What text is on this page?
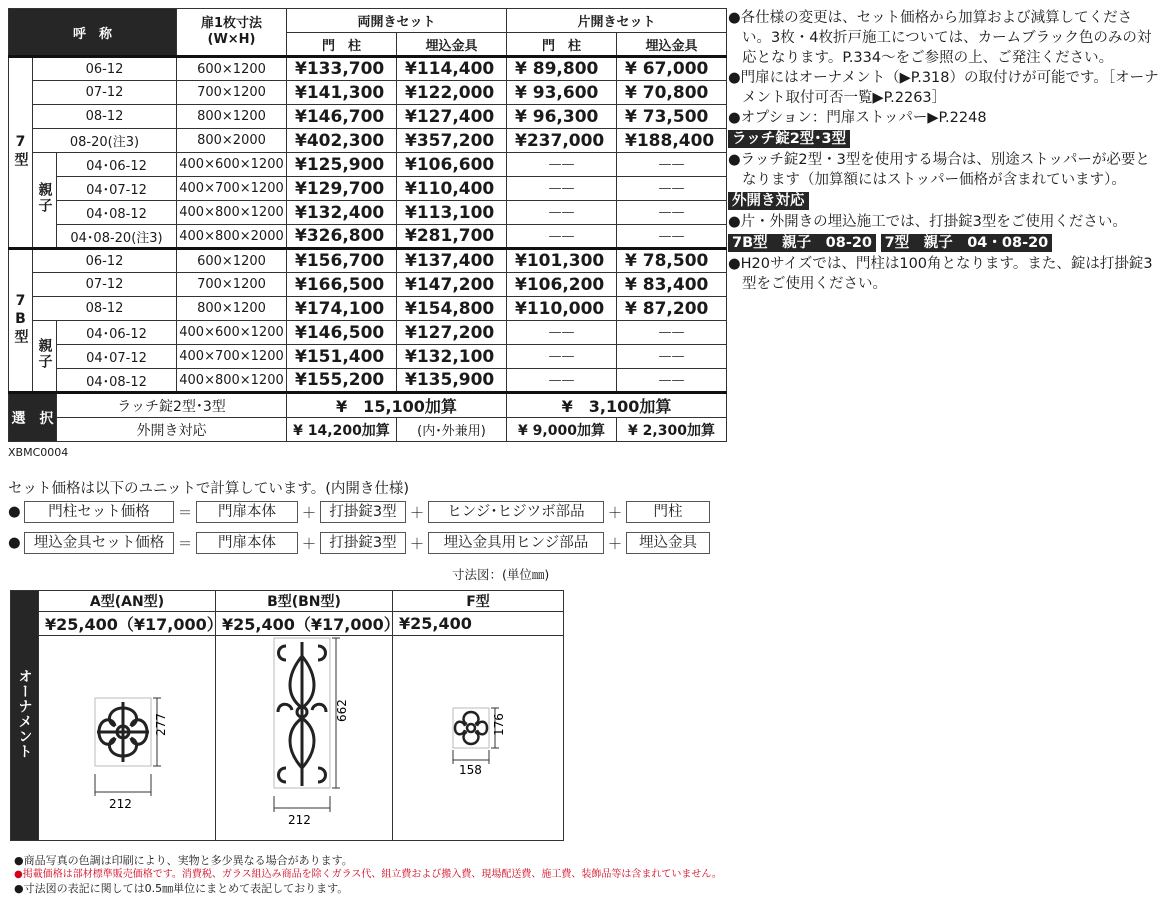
呼　称			扉1枚寸法
(W×H)	両開きセット		片開きセット	
				門　柱	埋込金具	門　柱	埋込金具
7型	06-12		600×1200	¥133,700	¥114,400	¥ 89,800	¥ 67,000
	07-12		700×1200	¥141,300	¥122,000	¥ 93,600	¥ 70,800
	08-12		800×1200	¥146,700	¥127,400	¥ 96,300	¥ 73,500
	08-20(注3)		800×2000	¥402,300	¥357,200	¥237,000	¥188,400
	親子	04･06-12	400×600×1200	¥125,900	¥106,600	——	——
		04･07-12	400×700×1200	¥129,700	¥110,400	——	——
		04･08-12	400×800×1200	¥132,400	¥113,100	——	——
		04･08-20(注3)	400×800×2000	¥326,800	¥281,700	——	——
7B型	06-12		600×1200	¥156,700	¥137,400	¥101,300	¥ 78,500
	07-12		700×1200	¥166,500	¥147,200	¥106,200	¥ 83,400
	08-12		800×1200	¥174,100	¥154,800	¥110,000	¥ 87,200
	親子	04･06-12	400×600×1200	¥146,500	¥127,200	——	——
		04･07-12	400×700×1200	¥151,400	¥132,100	——	——
		04･08-12	400×800×1200	¥155,200	¥135,900	——	——
選　択		ラッチ錠2型･3型		¥　15,100加算		¥　3,100加算	
		外開き対応		¥ 14,200加算	(内･外兼用)	¥ 9,000加算	¥ 2,300加算
XBMC0004

●各仕様の変更は、セット価格から加算および減算してください。3枚・4枚折戸施工については、カームブラック色のみの対応となります。P.334〜をご参照の上、ご発注ください。

●門扉にはオーナメント（▶P.318）の取付けが可能です。［オーナメント取付可否一覧▶P.2263］

●オプション：門扉ストッパー▶P.2248

ラッチ錠2型･3型

●ラッチ錠2型・3型を使用する場合は、別途ストッパーが必要となります（加算額にはストッパー価格が含まれています）。

外開き対応

●片・外開きの埋込施工では、打掛錠3型をご使用ください。

7B型　親子　08-20 7型　親子　04・08-20

●H20サイズでは、門柱は100角となります。また、錠は打掛錠3型をご使用ください。

セット価格は以下のユニットで計算しています。(内開き仕様)
●	門柱セット価格	＝	門扉本体	＋ 打掛錠3型 ＋	ヒンジ･ヒジツボ部品	＋	門柱
● 埋込金具セット価格 ＝	門扉本体	＋ 打掛錠3型 ＋	埋込金具用ヒンジ部品	＋	埋込金具
寸法図：(単位㎜)
オーナメント	A型(AN型)	B型(BN型)	F型
	¥25,400（¥17,000）	¥25,400（¥17,000）	¥25,400

277
212	662
212	176
158
●商品写真の色調は印刷により、実物と多少異なる場合があります。
●掲載価格は部材標準販売価格です。消費税、ガラス組込み商品を除くガラス代、組立費および搬入費、現場配送費、施工費、装飾品等は含まれていません。
●寸法図の表記に関しては0.5㎜単位にまとめて表記しております。
